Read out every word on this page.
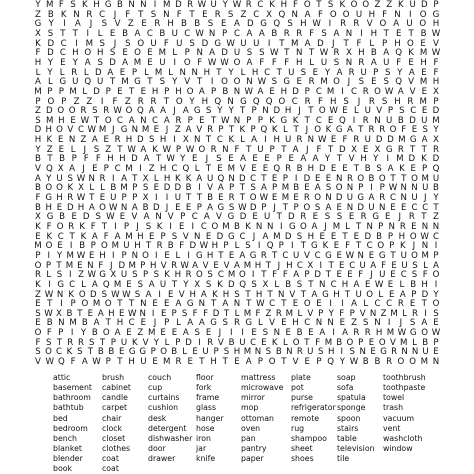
Y M F S K H G B N N I M D R W U Y W R C K H F O T S K O O Z Z K U D P
Z B K N R C J	F T S N F T E R S Z C X Q N A F O O U H F N I O G
G Y	I	A	J	S V Z E R H B B S E A D G Q S H W I	R R V O A U O H
X S T T I	L E B A C B U C W N P C A A B R R F S A N I H T E T B W
K D C I M S	J	S O U F U S D G W U U I	T M A D J	T F L P H O E V
F D C H O H S E O E M L P N A D U S S W T N T W R X H B A Q K M W
H Y E Y A S D A M E U I O F W W O A F F F H L U S N R A U F E H F
L Y L R L D A E P L M L N N H T Y L H C T U S E Y A R U P S Y A E F
A L G U Q U T M G T S Y V T I O O N W S G E R M O J S E S Q V M H
M P P M L D P E T E H P H O A P B N W A E H D P C M I C R O W A V E X
P O P Z Z	I	F Z R R T O Y H Q N G Q Q O C R F H S	J R S H R M P
Z D O O R S R W O Q A A J A G S Y Y T P N D H J T O W E L U V P S C E D
S M H E W T O C A N C A R P E T W N P P K G K T C E Q I R N U B D U M
D H O V C W M J G N M E J Z A V R P T K P Q K L T J O K G A T R R O F E S Y
H K E N Z A E R H D S H I X N T C K L A I H U R N W E F R U D D M G A X
Y Z E L J S Z T W A K W P W O R N F T U P T A J F T D X E X G R T T R
B T B P F F H H D A T W Y E J S E A E E P E A A Y T V H Y I M D K D
V Q X A J E P C M I Z H C Q L T E M V E E Q R B H D E E T B S A K E P Q
A Y U S W N R I A T X L H K K A U Q N D C T E P I D E E N R O B O T T O M U
B O O K X L L B M P S E D D B I V A P T S A P M B E A S O N P I P W N N U B
F G H R W T E U P P X I I U T T B E R T O W E M E R O N D U G A R C N U J Y
B H E D H A O W N A B D J E E P A G S W D P J T P O S A E N D U N E E C C T
X G B E D S W E V A N V P C A V G D E U T D R E S S E R G E J R T Z
K F O R K F T I P J S K I E I C O M B K N N I G O A J M L T N P N R E N N
E K C T K A F A M H E P S V N E D G C J A M D S H E E T E D B P H O W C
M O E I B P O M U H T R B F D W H P L S I Q P I T G K E F T C O P K J N I
P I Y M W E H I P N O I E L I G H T E A G R T C U V C G E W N E G T U O M P
O P T M E N F J D M P H V R W A V E V A M H T J H C X I T E C U A F E U S L A
R L S I Z W G X U S P S K H R O S C M O I T F F A P D T E E F J U E C S F O
K I G C L A Q M E S A U T Y X S K D Q S X L B S T N C H A E W E L B H I
Z W N K O D S W W S A I E V H A K H S T H T N V T A G H T U O L E A P D Y
E T I P O M O T T N E E A G N T A N T W C T E O E I	I A L C C R E T O
S W X B T E A H E W N I E P S F F D T L M F Z R M L V P Y F P V N Z M L R I S
E B N M B A T H C E J P L A A G S R G L V E H C N N E Z S N I	J S A E
O F P I Y B O A E Z M E E A S E J	I	I E S N E B E A I A R R H M W G O W
F S T R R S T P U K V Y L P D I R V B U C E K L O T F M B O P E O V M L B P
S O C K S T B B E G G P O B L E U P S H M N S B N R U S H I S N E G R N N U E
V W Q F A W P T H U E M R E T H T E A P O T V E P Q Y W B B R O O M N
attic
basement
bathroom
bathtub
bed
bedroom
bench
blanket
blender
book
brush
cabinet
candle
carpet
chair
clock
closet
clothes
coat
coat
couch
cup
curtains
cushion
desk
detergent
dishwasher
door
drawer
floor
fork
frame
glass
hanger
hose
iron
jar
knife
mattress
microwave
mirror
mop
ottoman
oven
pan
pantry
paper
plate
pot
purse
refrigerator
remote
rug
shampoo
sheet
shoes
soap
sofa
spatula
sponge
spoon
stairs
table
television
tile
toothbrush
toothpaste
towel
trash
vacuum
vent
washcloth
window
